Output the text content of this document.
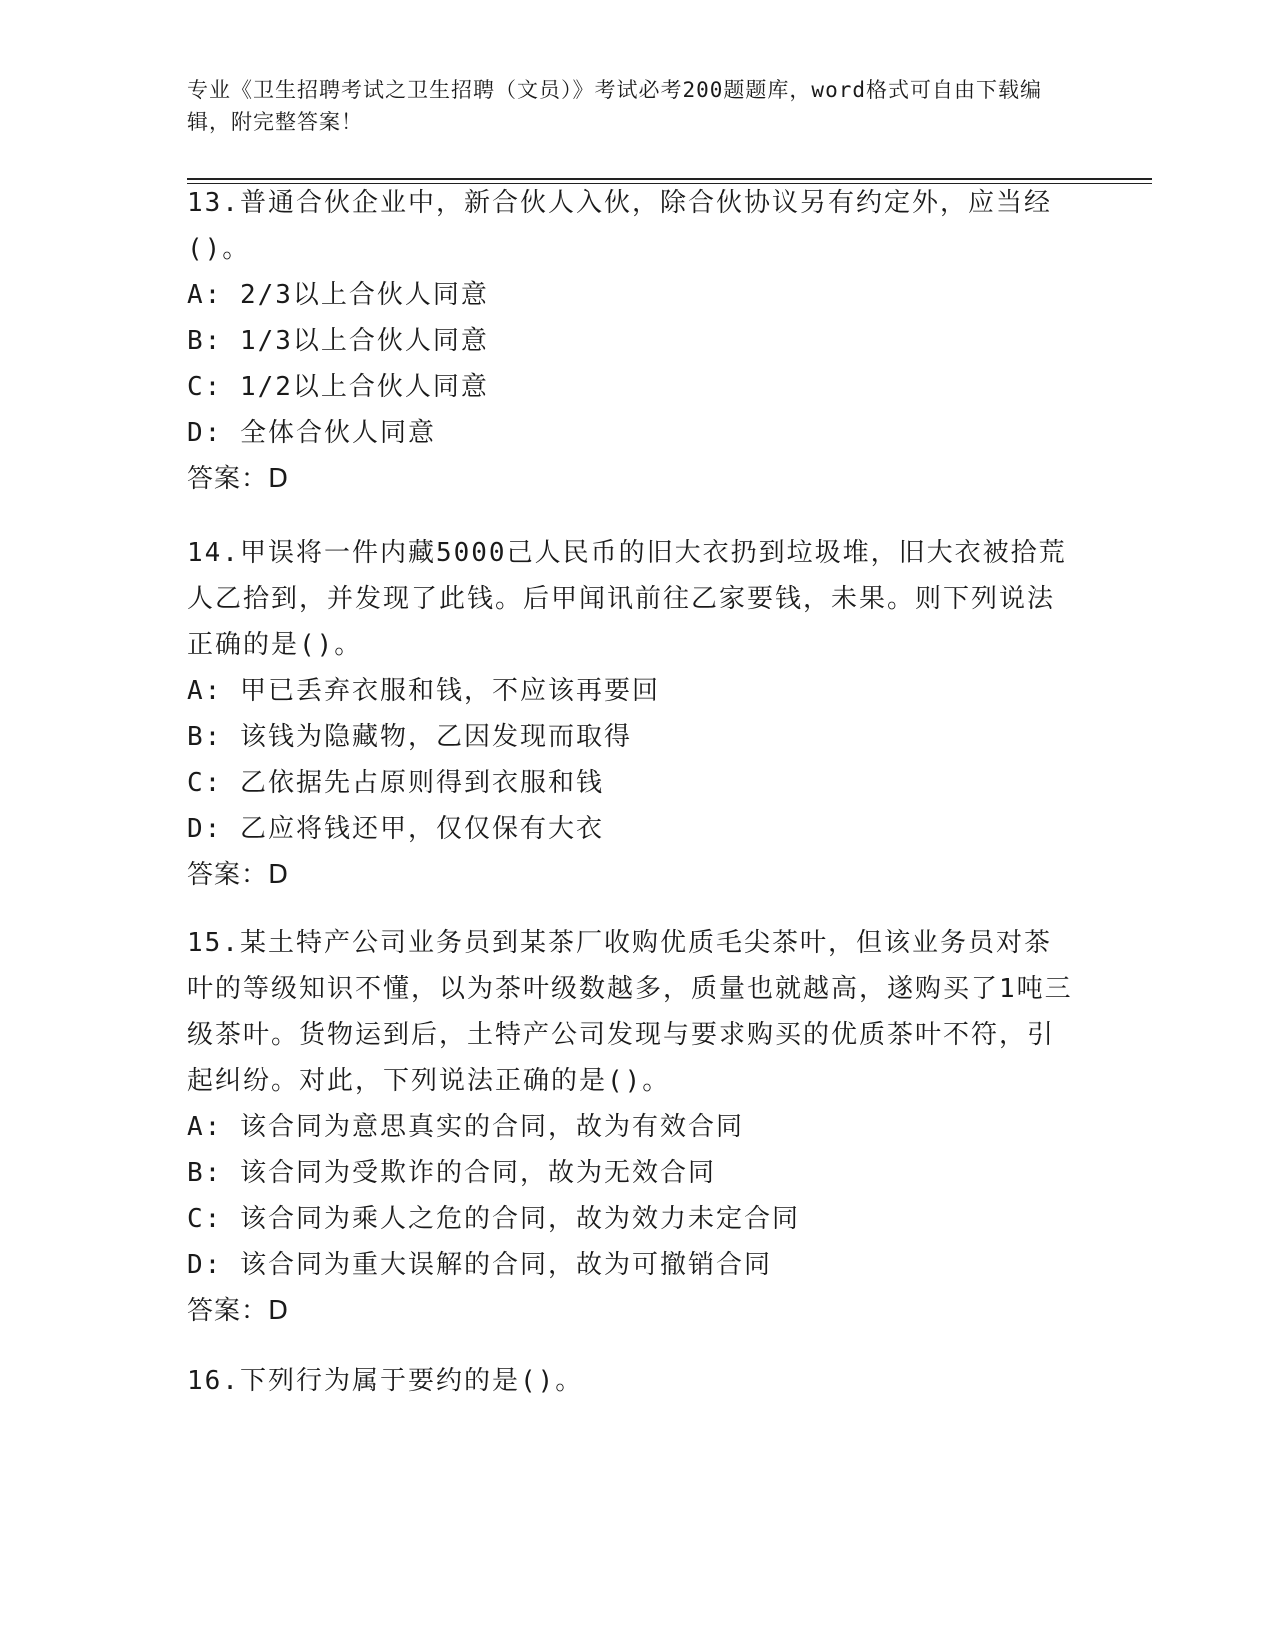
专业《卫生招聘考试之卫生招聘（文员）》考试必考200题题库，word格式可自由下载编辑，附完整答案！

13.普通合伙企业中，新合伙人入伙，除合伙协议另有约定外，应当经()。

A: 2/3以上合伙人同意

B: 1/3以上合伙人同意

C: 1/2以上合伙人同意

D: 全体合伙人同意

答案：D

14.甲误将一件内藏5000己人民币的旧大衣扔到垃圾堆，旧大衣被拾荒人乙拾到，并发现了此钱。后甲闻讯前往乙家要钱，未果。则下列说法正确的是()。

A: 甲已丢弃衣服和钱，不应该再要回

B: 该钱为隐藏物，乙因发现而取得

C: 乙依据先占原则得到衣服和钱

D: 乙应将钱还甲，仅仅保有大衣

答案：D

15.某土特产公司业务员到某茶厂收购优质毛尖茶叶，但该业务员对茶叶的等级知识不懂，以为茶叶级数越多，质量也就越高，遂购买了1吨三级茶叶。货物运到后，土特产公司发现与要求购买的优质茶叶不符，引起纠纷。对此，下列说法正确的是()。

A: 该合同为意思真实的合同，故为有效合同

B: 该合同为受欺诈的合同，故为无效合同

C: 该合同为乘人之危的合同，故为效力未定合同

D: 该合同为重大误解的合同，故为可撤销合同

答案：D

16.下列行为属于要约的是()。
